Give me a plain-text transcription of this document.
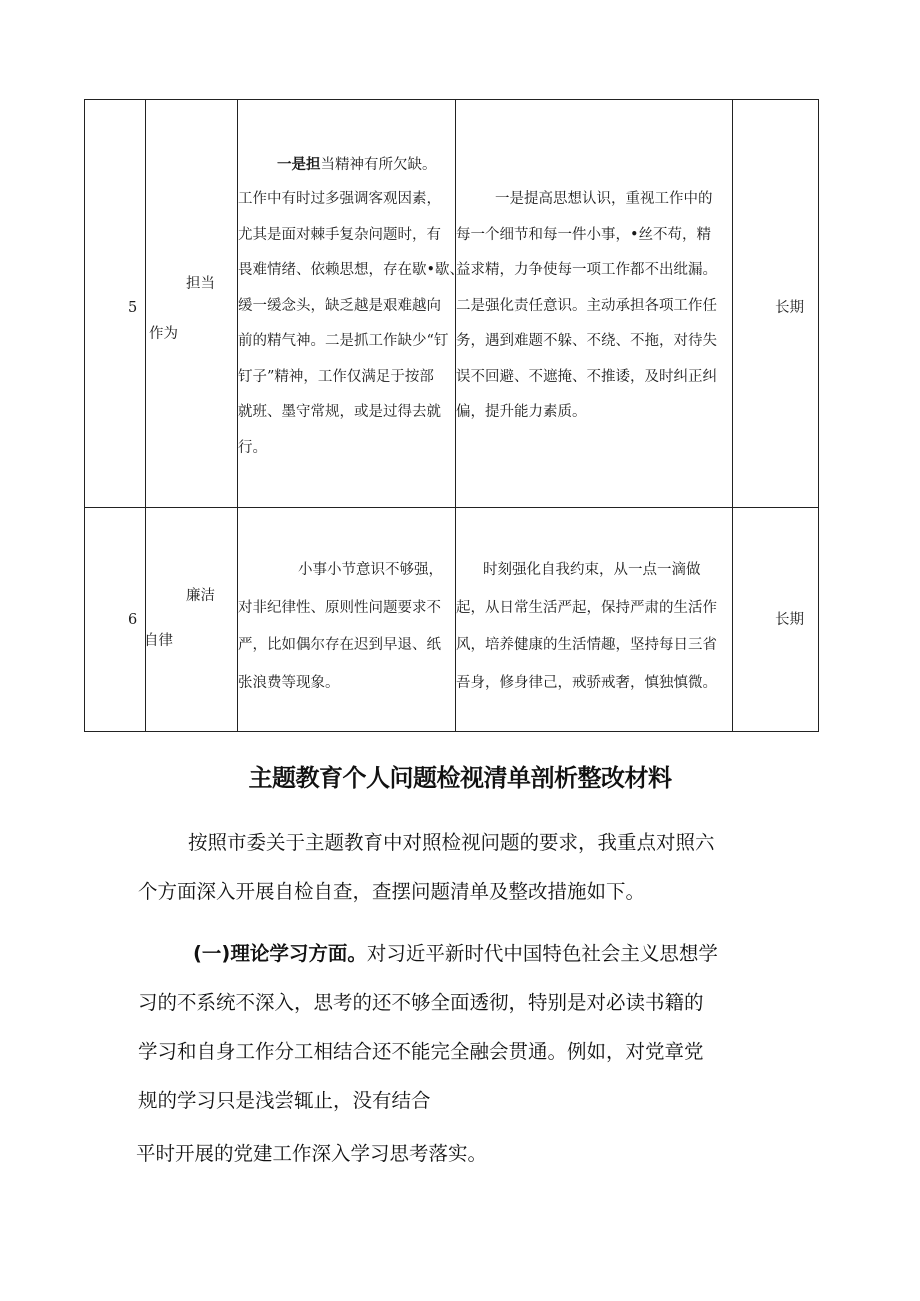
5
担当
作为
一是担当精神有所欠缺。
工作中有时过多强调客观因素，
尤其是面对棘手复杂问题时，有
畏难情绪、依赖思想，存在歇•歇、
缓一缓念头，缺乏越是艰难越向
前的精气神。二是抓工作缺少“钉
钉子”精神，工作仅满足于按部
就班、墨守常规，或是过得去就
行。
一是提高思想认识，重视工作中的
每一个细节和每一件小事，•丝不苟，精
益求精，力争使每一项工作都不出纰漏。
二是强化责任意识。主动承担各项工作任
务，遇到难题不躲、不绕、不拖，对待失
误不回避、不遮掩、不推诿，及时纠正纠
偏，提升能力素质。
长期
6
廉洁
自律
小事小节意识不够强，
对非纪律性、原则性问题要求不
严，比如偶尔存在迟到早退、纸
张浪费等现象。
时刻强化自我约束，从一点一滴做
起，从日常生活严起，保持严肃的生活作
风，培养健康的生活情趣，坚持每日三省
吾身，修身律己，戒骄戒奢，慎独慎微。
长期
主题教育个人问题检视清单剖析整改材料
按照市委关于主题教育中对照检视问题的要求，我重点对照六
个方面深入开展自检自查，查摆问题清单及整改措施如下。
(一)理论学习方面。对习近平新时代中国特色社会主义思想学
习的不系统不深入，思考的还不够全面透彻，特别是对必读书籍的
学习和自身工作分工相结合还不能完全融会贯通。例如，对党章党
规的学习只是浅尝辄止，没有结合
平时开展的党建工作深入学习思考落实。
